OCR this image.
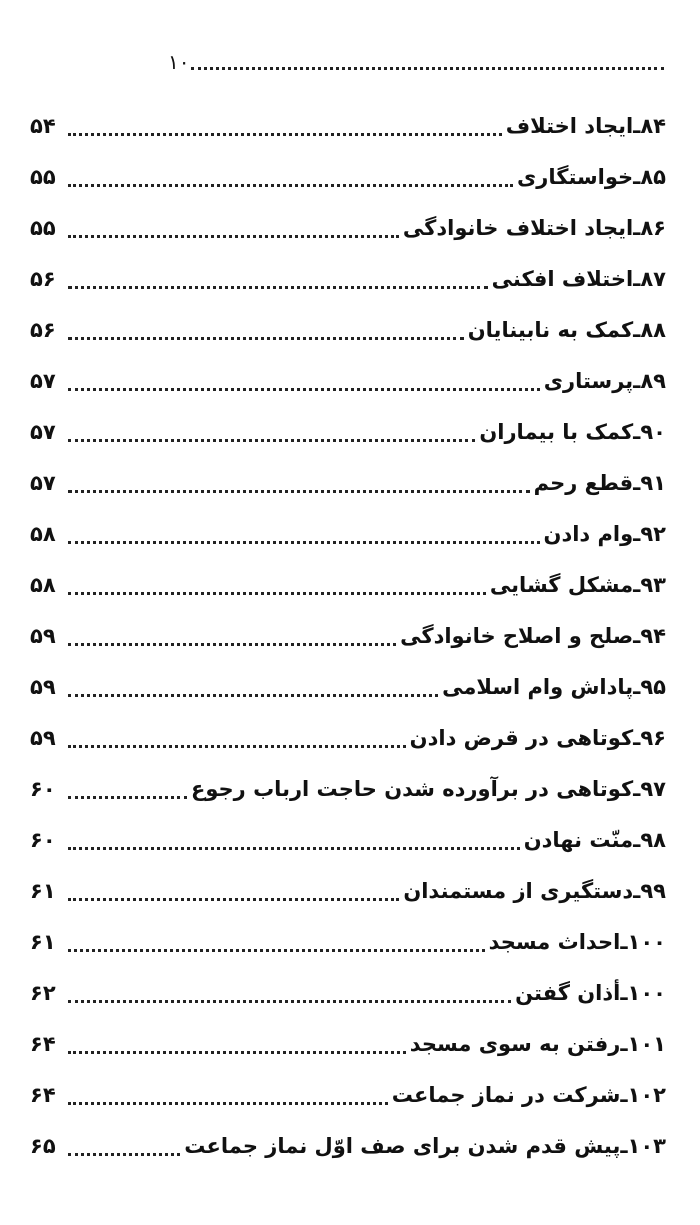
۱۰
۸۴
ـ
ایجاد اختلاف
۵۴
۸۵
ـ
خواستگاری
۵۵
۸۶
ـ
ایجاد اختلاف خانوادگی
۵۵
۸۷
ـ
اختلاف افکنی
۵۶
۸۸
ـ
کمک به نابینایان
۵۶
۸۹
ـ
پرستاری
۵۷
۹۰
ـ
کمک با بیماران
۵۷
۹۱
ـ
قطع رحم
۵۷
۹۲
ـ
وام دادن
۵۸
۹۳
ـ
مشکل گشایی
۵۸
۹۴
ـ
صلح و اصلاح خانوادگی
۵۹
۹۵
ـ
پاداش وام اسلامی
۵۹
۹۶
ـ
کوتاهی در قرض دادن
۵۹
۹۷
ـ
کوتاهی در برآورده شدن حاجت ارباب رجوع
۶۰
۹۸
ـ
منّت نهادن
۶۰
۹۹
ـ
دستگیری از مستمندان
۶۱
۱۰۰
ـ
احداث مسجد
۶۱
۱۰۰
ـ
أذان گفتن
۶۲
۱۰۱
ـ
رفتن به سوی مسجد
۶۴
۱۰۲
ـ
شرکت در نماز جماعت
۶۴
۱۰۳
ـ
پیش قدم شدن برای صف اوّل نماز جماعت
۶۵
